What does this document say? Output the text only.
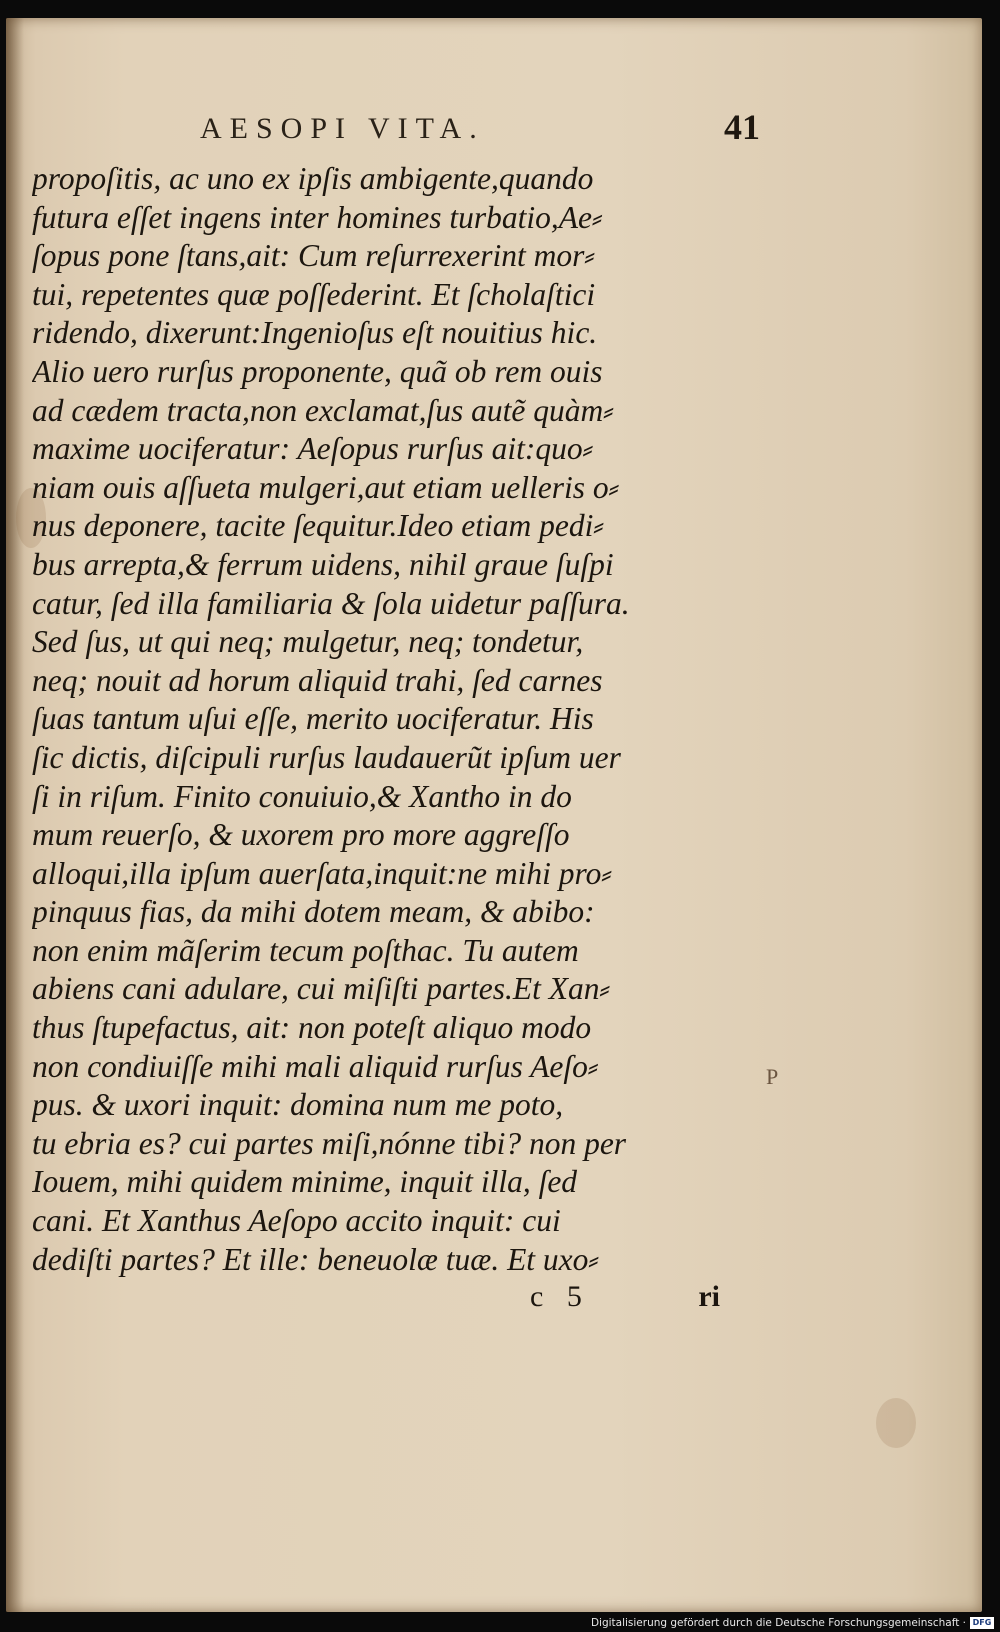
AESOPI VITA.	41
propoſitis, ac uno ex ipſis ambigente,quando
futura eſſet ingens inter homines turbatio,Ae⸗
ſopus pone ſtans,ait: Cum reſurrexerint mor⸗
tui, repetentes quæ poſſederint. Et ſcholaſtici
ridendo, dixerunt:Ingenioſus eſt nouitius hic.
Alio uero rurſus proponente, quã ob rem ouis
ad cædem tracta,non exclamat,ſus autẽ quàm⸗
maxime uociferatur: Aeſopus rurſus ait:quo⸗
niam ouis aſſueta mulgeri,aut etiam uelleris o⸗
nus deponere, tacite ſequitur.Ideo etiam pedi⸗
bus arrepta,& ferrum uidens, nihil graue ſuſpi
catur, ſed illa familiaria & ſola uidetur paſſura.
Sed ſus, ut qui neq; mulgetur, neq; tondetur,
neq; nouit ad horum aliquid trahi, ſed carnes
ſuas tantum uſui eſſe, merito uociferatur. His
ſic dictis, diſcipuli rurſus laudauerũt ipſum uer
ſi in riſum. Finito conuiuio,& Xantho in do
mum reuerſo, & uxorem pro more aggreſſo
alloqui,illa ipſum auerſata,inquit:ne mihi pro⸗
pinquus fias, da mihi dotem meam, & abibo:
non enim mãſerim tecum poſthac. Tu autem
abiens cani adulare, cui miſiſti partes.Et Xan⸗
thus ſtupefactus, ait: non poteſt aliquo modo
non condiuiſſe mihi mali aliquid rurſus Aeſo⸗
pus. & uxori inquit: domina num me poto,
tu ebria es? cui partes miſi,nónne tibi? non per
Iouem, mihi quidem minime, inquit illa, ſed
cani. Et Xanthus Aeſopo accito inquit: cui
dediſti partes? Et ille: beneuolæ tuæ. Et uxo⸗
P
c 5	ri
Digitalisierung gefördert durch die Deutsche Forschungsgemeinschaft · DFG
